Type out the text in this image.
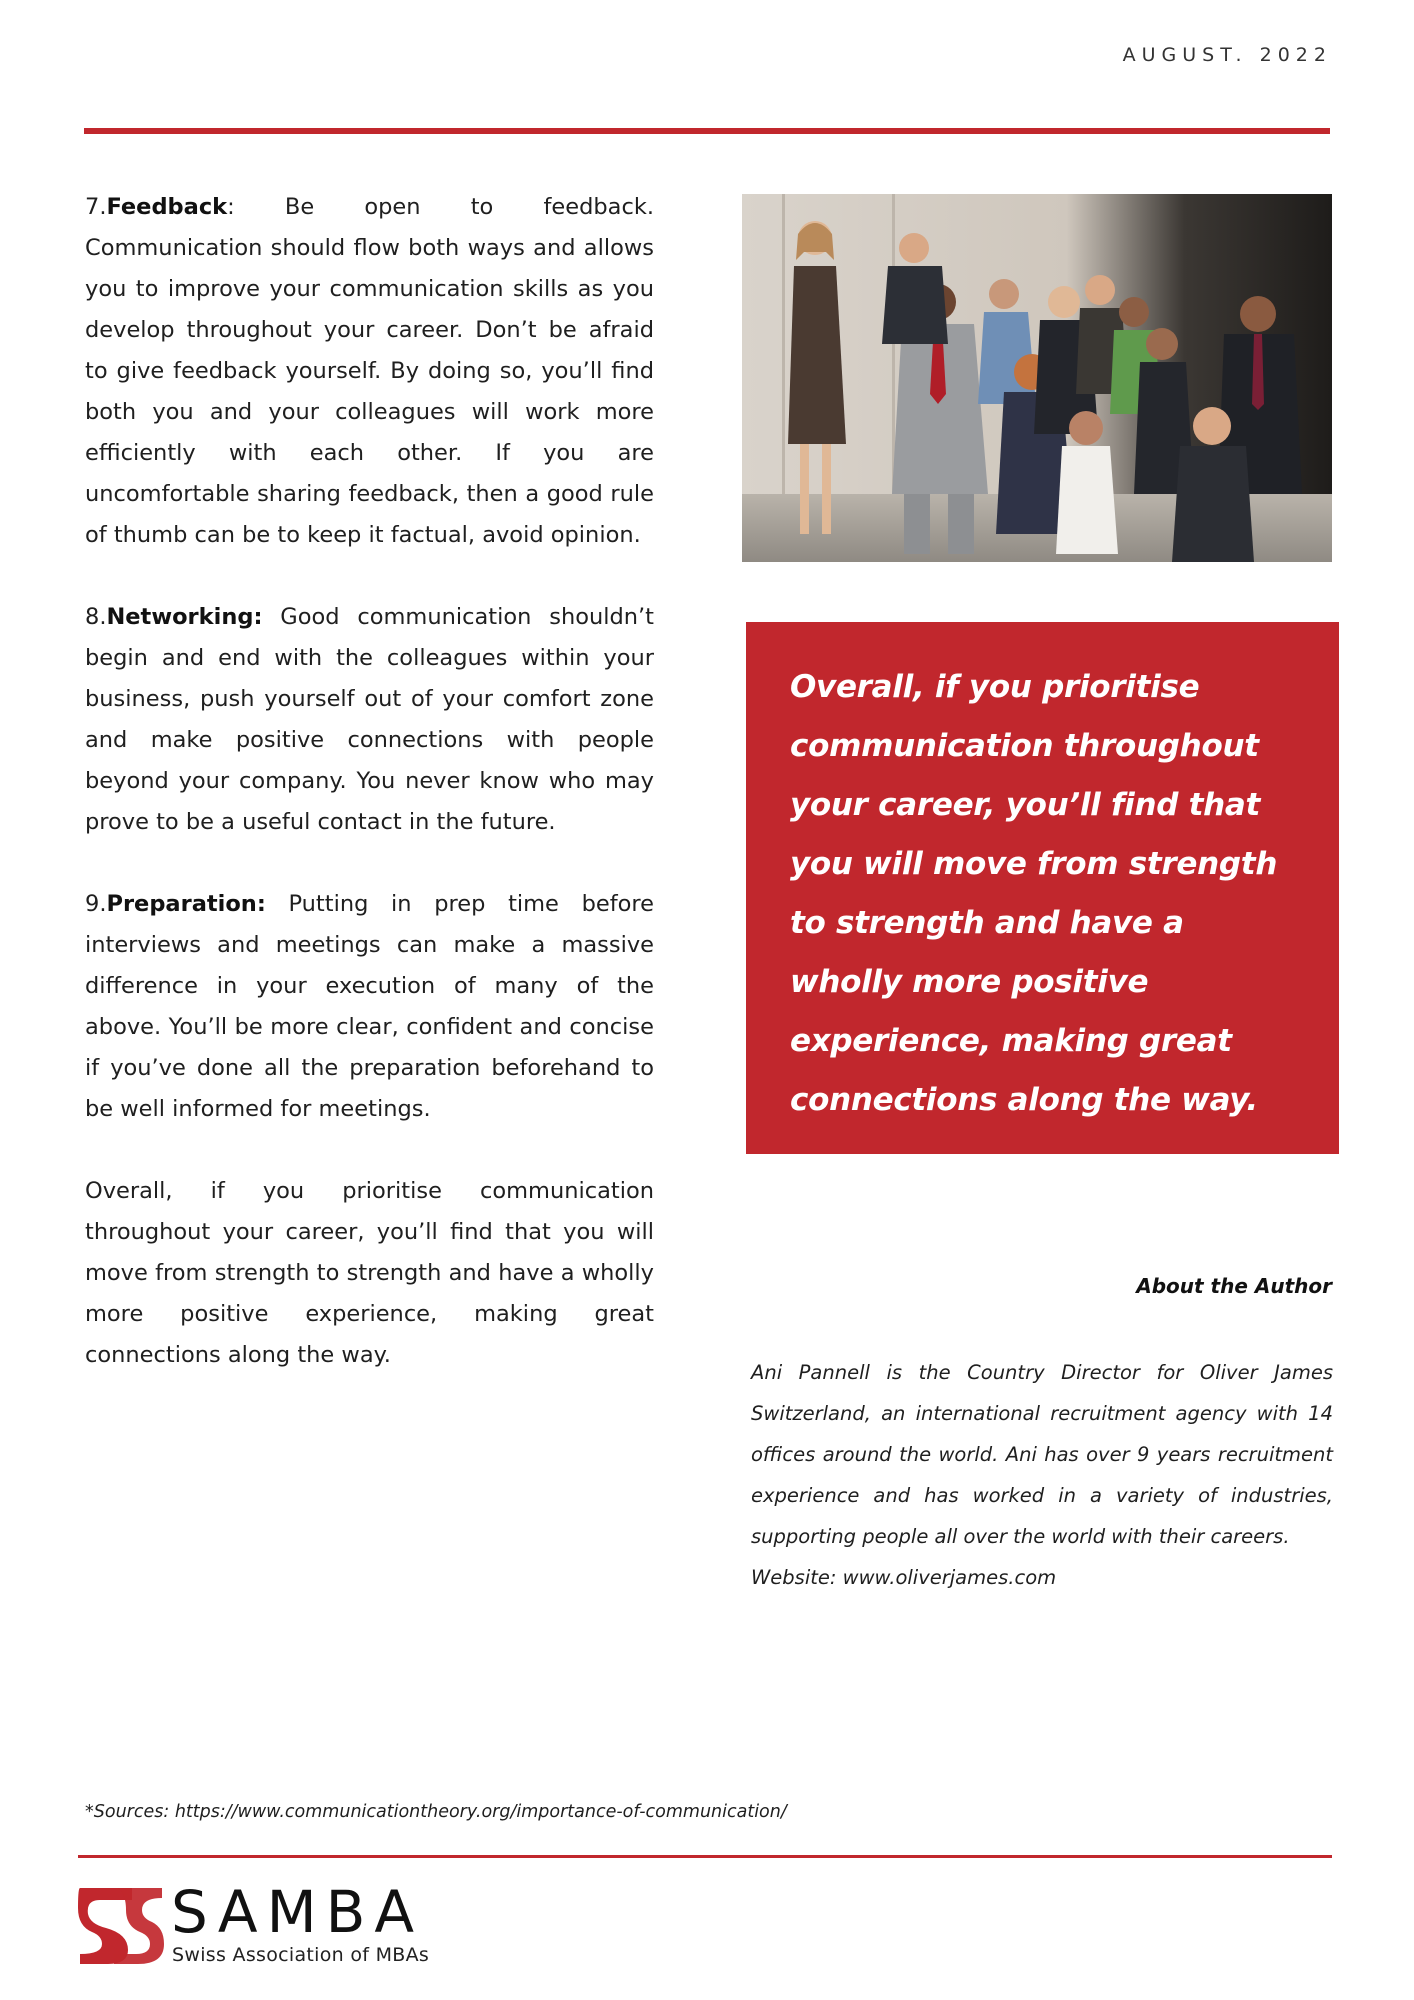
AUGUST. 2022

7.Feedback: Be open to feedback. Communication should flow both ways and allows you to improve your communication skills as you develop throughout your career. Don’t be afraid to give feedback yourself. By doing so, you’ll find both you and your colleagues will work more efficiently with each other. If you are uncomfortable sharing feedback, then a good rule of thumb can be to keep it factual, avoid opinion.

8.Networking: Good communication shouldn’t begin and end with the colleagues within your business, push yourself out of your comfort zone and make positive connections with people beyond your company. You never know who may prove to be a useful contact in the future.

9.Preparation: Putting in prep time before interviews and meetings can make a massive difference in your execution of many of the above. You’ll be more clear, confident and concise if you’ve done all the preparation beforehand to be well informed for meetings.

Overall, if you prioritise communication throughout your career, you’ll find that you will move from strength to strength and have a wholly more positive experience, making great connections along the way.

Overall, if you prioritise communication throughout your career, you’ll find that you will move from strength to strength and have a wholly more positive experience, making great connections along the way.
About the Author
Ani Pannell is the Country Director for Oliver James Switzerland, an international recruitment agency with 14 offices around the world. Ani has over 9 years recruitment experience and has worked in a variety of industries, supporting people all over the world with their careers.
Website: www.oliverjames.com
*Sources: https://www.communicationtheory.org/importance-of-communication/
SAMBA
Swiss Association of MBAs
